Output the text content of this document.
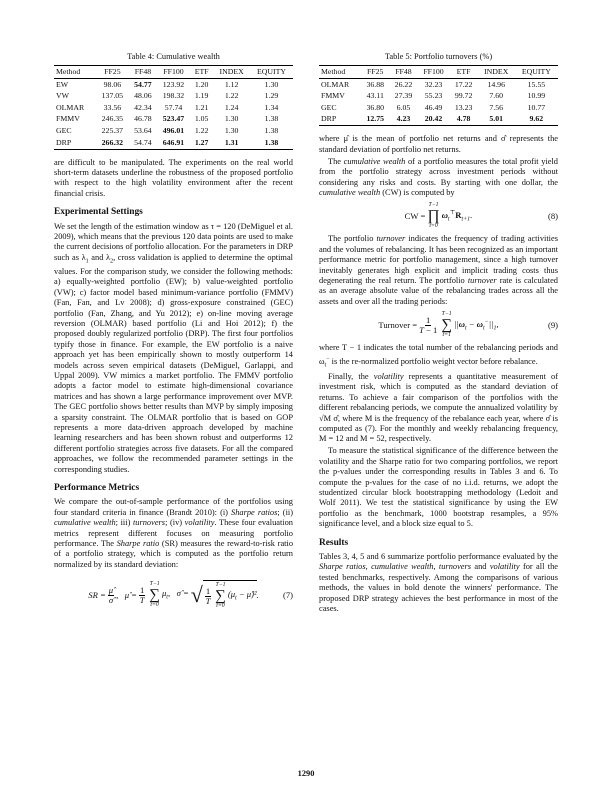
Table 4: Cumulative wealth
Method	FF25	FF48	FF100	ETF	INDEX	EQUITY
EW	98.06	54.77	123.92	1.20	1.12	1.30
VW	137.05	48.06	198.32	1.19	1.22	1.29
OLMAR	33.56	42.34	57.74	1.21	1.24	1.34
FMMV	246.35	46.78	523.47	1.05	1.30	1.38
GEC	225.37	53.64	496.01	1.22	1.30	1.38
DRP	266.32	54.74	646.91	1.27	1.31	1.38

are difficult to be manipulated. The experiments on the real world short-term datasets underline the robustness of the proposed portfolio with respect to the high volatility environment after the recent financial crisis.

Experimental Settings

We set the length of the estimation window as τ = 120 (DeMiguel et al. 2009), which means that the previous 120 data points are used to make the current decisions of portfolio allocation. For the parameters in DRP such as $\lambda_1$ and $\lambda_2$, cross validation is applied to determine the optimal values. For the comparison study, we consider the following methods: a) equally-weighted portfolio (EW); b) value-weighted portfolio (VW); c) factor model based minimum-variance portfolio (FMMV) (Fan, Fan, and Lv 2008); d) gross-exposure constrained (GEC) portfolio (Fan, Zhang, and Yu 2012); e) on-line moving average reversion (OLMAR) based portfolio (Li and Hoi 2012); f) the proposed doubly regularized portfolio (DRP). The first four portfolios typify those in finance. For example, the EW portfolio is a naive approach yet has been empirically shown to mostly outperform 14 models across seven empirical datasets (DeMiguel, Garlappi, and Uppal 2009). VW mimics a market portfolio. The FMMV portfolio adopts a factor model to estimate high-dimensional covariance matrices and has shown a large performance improvement over MVP. The GEC portfolio shows better results than MVP by simply imposing a sparsity constraint. The OLMAR portfolio that is based on GOP represents a more data-driven approach developed by machine learning researchers and has been shown robust and outperforms 12 different portfolio strategies across five datasets. For all the compared approaches, we follow the recommended parameter settings in the corresponding studies.

Performance Metrics

We compare the out-of-sample performance of the portfolios using four standard criteria in finance (Brandt 2010): (i) Sharpe ratios; (ii) cumulative wealth; iii) turnovers; (iv) volatility. These four evaluation metrics represent different focuses on measuring portfolio performance. The Sharpe ratio (SR) measures the reward-to-risk ratio of a portfolio strategy, which is computed as the portfolio return normalized by its standard deviation:

SR = $\frac{\mû}{\sigmâ}$ ,   μ̂ = $\frac{1}{T}$
T−1
∑
t=0
$\mu_t$,   σ̂ = √ $\frac{1}{T}$
T−1
∑
t=0
($\mu_t$ − μ̂)² .	(7)
Table 5: Portfolio turnovers (%)
Method	FF25	FF48	FF100	ETF	INDEX	EQUITY
OLMAR	36.88	26.22	32.23	17.22	14.96	15.55
FMMV	43.11	27.39	55.23	99.72	7.60	10.99
GEC	36.80	6.05	46.49	13.23	7.56	10.77
DRP	12.75	4.23	20.42	4.78	5.01	9.62

where μ̂ is the mean of portfolio net returns and σ̂ represents the standard deviation of portfolio net returns.

The cumulative wealth of a portfolio measures the total profit yield from the portfolio strategy across investment periods without considering any risks and costs. By starting with one dollar, the cumulative wealth (CW) is computed by

CW =
T−1
∏
t=0
$\omega_t^⊤R_{t+1}$.	(8)

The portfolio turnover indicates the frequency of trading activities and the volumes of rebalancing. It has been recognized as an important performance metric for portfolio management, since a high turnover inevitably generates high explicit and implicit trading costs thus degenerating the real return. The portfolio turnover rate is calculated as an average absolute value of the rebalancing trades across all the assets and over all the trading periods:

Turnover = $\frac{1}{T - 1}$
T−1
∑
t=1
$||\omega_t - \omega_t^-||_1$,	(9)

where T − 1 indicates the total number of the rebalancing periods and $\omega_t^-$ is the re-normalized portfolio weight vector before rebalance.

Finally, the volatility represents a quantitative measurement of investment risk, which is computed as the standard deviation of returns. To achieve a fair comparison of the portfolios with the different rebalancing periods, we compute the annualized volatility by √M σ̂, where M is the frequency of the rebalance each year, where σ̂ is computed as (7). For the monthly and weekly rebalancing frequency, M = 12 and M = 52, respectively.

To measure the statistical significance of the difference between the volatility and the Sharpe ratio for two comparing portfolios, we report the p-values under the corresponding results in Tables 3 and 6. To compute the p-values for the case of no i.i.d. returns, we adopt the studentized circular block bootstrapping methodology (Ledoit and Wolf 2011). We test the statistical significance by using the EW portfolio as the benchmark, 1000 bootstrap resamples, a 95% significance level, and a block size equal to 5.

Results

Tables 3, 4, 5 and 6 summarize portfolio performance evaluated by the Sharpe ratios, cumulative wealth, turnovers and volatility for all the tested benchmarks, respectively. Among the comparisons of various methods, the values in bold denote the winners' performance. The proposed DRP strategy achieves the best performance in most of the cases.

1290
